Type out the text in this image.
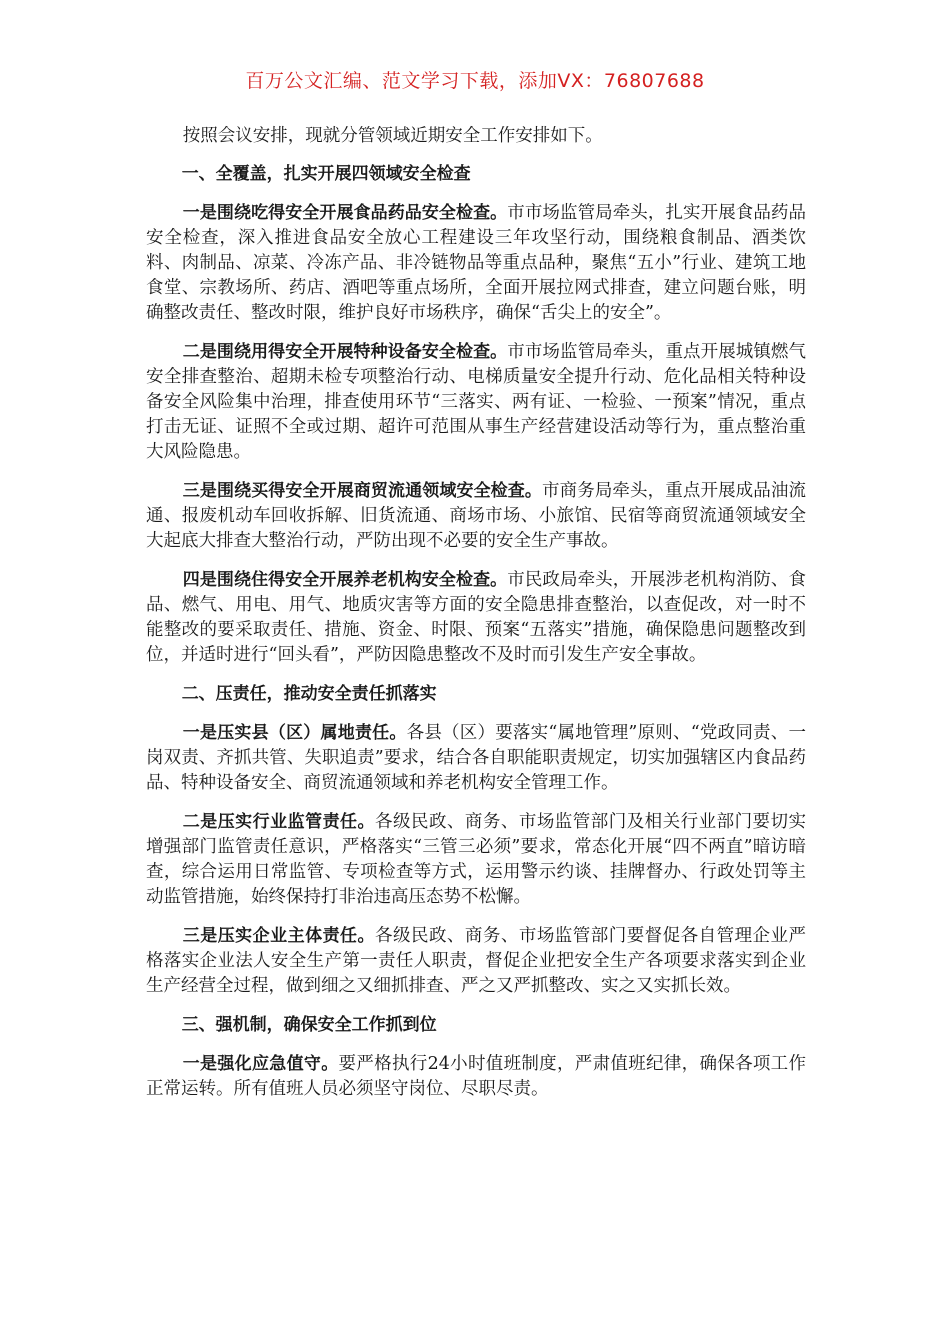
百万公文汇编、范文学习下载，添加VX：76807688

按照会议安排，现就分管领域近期安全工作安排如下。

一、全覆盖，扎实开展四领域安全检查

一是围绕吃得安全开展食品药品安全检查。市市场监管局牵头，扎实开展食品药品安全检查，深入推进食品安全放心工程建设三年攻坚行动，围绕粮食制品、酒类饮料、肉制品、凉菜、冷冻产品、非冷链物品等重点品种，聚焦“五小”行业、建筑工地食堂、宗教场所、药店、酒吧等重点场所，全面开展拉网式排查，建立问题台账，明确整改责任、整改时限，维护良好市场秩序，确保“舌尖上的安全”。

二是围绕用得安全开展特种设备安全检查。市市场监管局牵头，重点开展城镇燃气安全排查整治、超期未检专项整治行动、电梯质量安全提升行动、危化品相关特种设备安全风险集中治理，排查使用环节“三落实、两有证、一检验、一预案”情况，重点打击无证、证照不全或过期、超许可范围从事生产经营建设活动等行为，重点整治重大风险隐患。

三是围绕买得安全开展商贸流通领域安全检查。市商务局牵头，重点开展成品油流通、报废机动车回收拆解、旧货流通、商场市场、小旅馆、民宿等商贸流通领域安全大起底大排查大整治行动，严防出现不必要的安全生产事故。

四是围绕住得安全开展养老机构安全检查。市民政局牵头，开展涉老机构消防、食品、燃气、用电、用气、地质灾害等方面的安全隐患排查整治，以查促改，对一时不能整改的要采取责任、措施、资金、时限、预案“五落实”措施，确保隐患问题整改到位，并适时进行“回头看”，严防因隐患整改不及时而引发生产安全事故。

二、压责任，推动安全责任抓落实

一是压实县（区）属地责任。各县（区）要落实“属地管理”原则、“党政同责、一岗双责、齐抓共管、失职追责”要求，结合各自职能职责规定，切实加强辖区内食品药品、特种设备安全、商贸流通领域和养老机构安全管理工作。

二是压实行业监管责任。各级民政、商务、市场监管部门及相关行业部门要切实增强部门监管责任意识，严格落实“三管三必须”要求，常态化开展“四不两直”暗访暗查，综合运用日常监管、专项检查等方式，运用警示约谈、挂牌督办、行政处罚等主动监管措施，始终保持打非治违高压态势不松懈。

三是压实企业主体责任。各级民政、商务、市场监管部门要督促各自管理企业严格落实企业法人安全生产第一责任人职责，督促企业把安全生产各项要求落实到企业生产经营全过程，做到细之又细抓排查、严之又严抓整改、实之又实抓长效。

三、强机制，确保安全工作抓到位

一是强化应急值守。要严格执行24小时值班制度，严肃值班纪律，确保各项工作正常运转。所有值班人员必须坚守岗位、尽职尽责。
